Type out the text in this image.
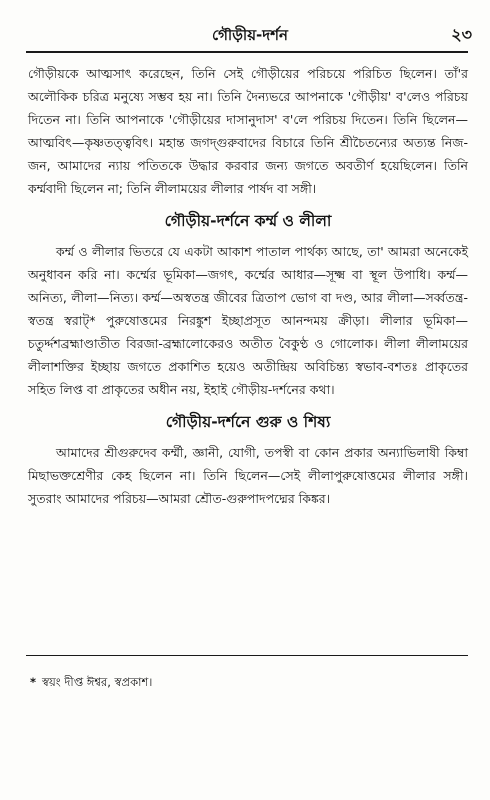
গৌড়ীয়-দর্শন	২৩

গৌড়ীয়কে আত্মসাৎ করেছেন, তিনি সেই গৌড়ীয়ের পরিচয়ে পরিচিত ছিলেন। তাঁ'র অলৌকিক চরিত্র মনুষ্যে সম্ভব হয় না। তিনি দৈন্যভরে আপনাকে 'গৌড়ীয়' ব'লেও পরিচয় দিতেন না। তিনি আপনাকে 'গৌড়ীয়ের দাসানুদাস' ব'লে পরিচয় দিতেন। তিনি ছিলেন—আত্মবিৎ—কৃষ্ণতত্ত্ববিৎ। মহান্ত জগদ্গুরুবাদের বিচারে তিনি শ্রীচৈতন্যের অত্যন্ত নিজ-জন, আমাদের ন্যায় পতিতকে উদ্ধার করবার জন্য জগতে অবতীর্ণ হয়েছিলেন। তিনি কর্ম্মবাদী ছিলেন না; তিনি লীলাময়ের লীলার পার্ষদ বা সঙ্গী।

গৌড়ীয়-দর্শনে কর্ম্ম ও লীলা

কর্ম্ম ও লীলার ভিতরে যে একটা আকাশ পাতাল পার্থক্য আছে, তা' আমরা অনেকেই অনুধাবন করি না। কর্ম্মের ভূমিকা—জগৎ, কর্ম্মের আধার—সূক্ষ্ম বা স্থূল উপাধি। কর্ম্ম—অনিত্য, লীলা—নিত্য। কর্ম্ম—অস্বতন্ত্র জীবের ত্রিতাপ ভোগ বা দণ্ড, আর লীলা—সর্ব্বতন্ত্র-স্বতন্ত্র স্বরাট্* পুরুষোত্তমের নিরঙ্কুশ ইচ্ছাপ্রসূত আনন্দময় ক্রীড়া। লীলার ভূমিকা—চতুর্দ্দশব্রহ্মাণ্ডাতীত বিরজা-ব্রহ্মালোকেরও অতীত বৈকুণ্ঠ ও গোলোক। লীলা লীলাময়ের লীলাশক্তির ইচ্ছায় জগতে প্রকাশিত হয়েও অতীন্দ্রিয় অবিচিন্ত্য স্বভাব-বশতঃ প্রাকৃতের সহিত লিপ্ত বা প্রাকৃতের অধীন নয়, ইহাই গৌড়ীয়-দর্শনের কথা।

গৌড়ীয়-দর্শনে গুরু ও শিষ্য

আমাদের শ্রীগুরুদেব কর্ম্মী, জ্ঞানী, যোগী, তপস্বী বা কোন প্রকার অন্যাভিলাষী কিম্বা মিছাভক্তশ্রেণীর কেহ ছিলেন না। তিনি ছিলেন—সেই লীলাপুরুষোত্তমের লীলার সঙ্গী। সুতরাং আমাদের পরিচয়—আমরা শ্রৌত-গুরুপাদপদ্মের কিঙ্কর।

* স্বয়ং দীপ্ত ঈশ্বর, স্বপ্রকাশ।
